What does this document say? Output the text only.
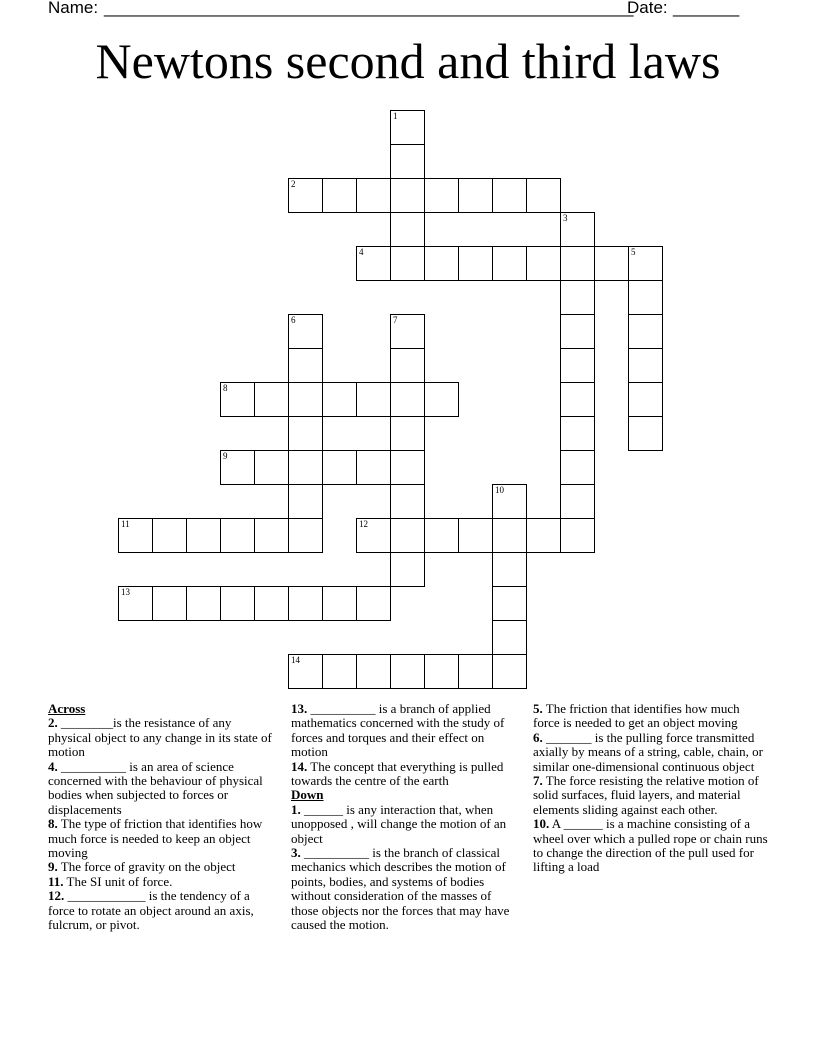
Name: ________________________________________________________
Date: _______
Newtons second and third laws
1
2
3
4	5
6	7
8
9
11	12
10
13
14
Across

2. ________is the resistance of any physical object to any change in its state of motion

4. __________ is an area of science concerned with the behaviour of physical bodies when subjected to forces or displacements

8. The type of friction that identifies how much force is needed to keep an object moving

9. The force of gravity on the object

11. The SI unit of force.

12. ____________ is the tendency of a force to rotate an object around an axis, fulcrum, or pivot.

13. __________ is a branch of applied mathematics concerned with the study of forces and torques and their effect on motion

14. The concept that everything is pulled towards the centre of the earth

Down

1. ______ is any interaction that, when unopposed , will change the motion of an object

3. __________ is the branch of classical mechanics which describes the motion of points, bodies, and systems of bodies without consideration of the masses of those objects nor the forces that may have caused the motion.

5. The friction that identifies how much force is needed to get an object moving

6. _______ is the pulling force transmitted axially by means of a string, cable, chain, or similar one-dimensional continuous object

7. The force resisting the relative motion of solid surfaces, fluid layers, and material elements sliding against each other.

10. A ______ is a machine consisting of a wheel over which a pulled rope or chain runs to change the direction of the pull used for lifting a load
